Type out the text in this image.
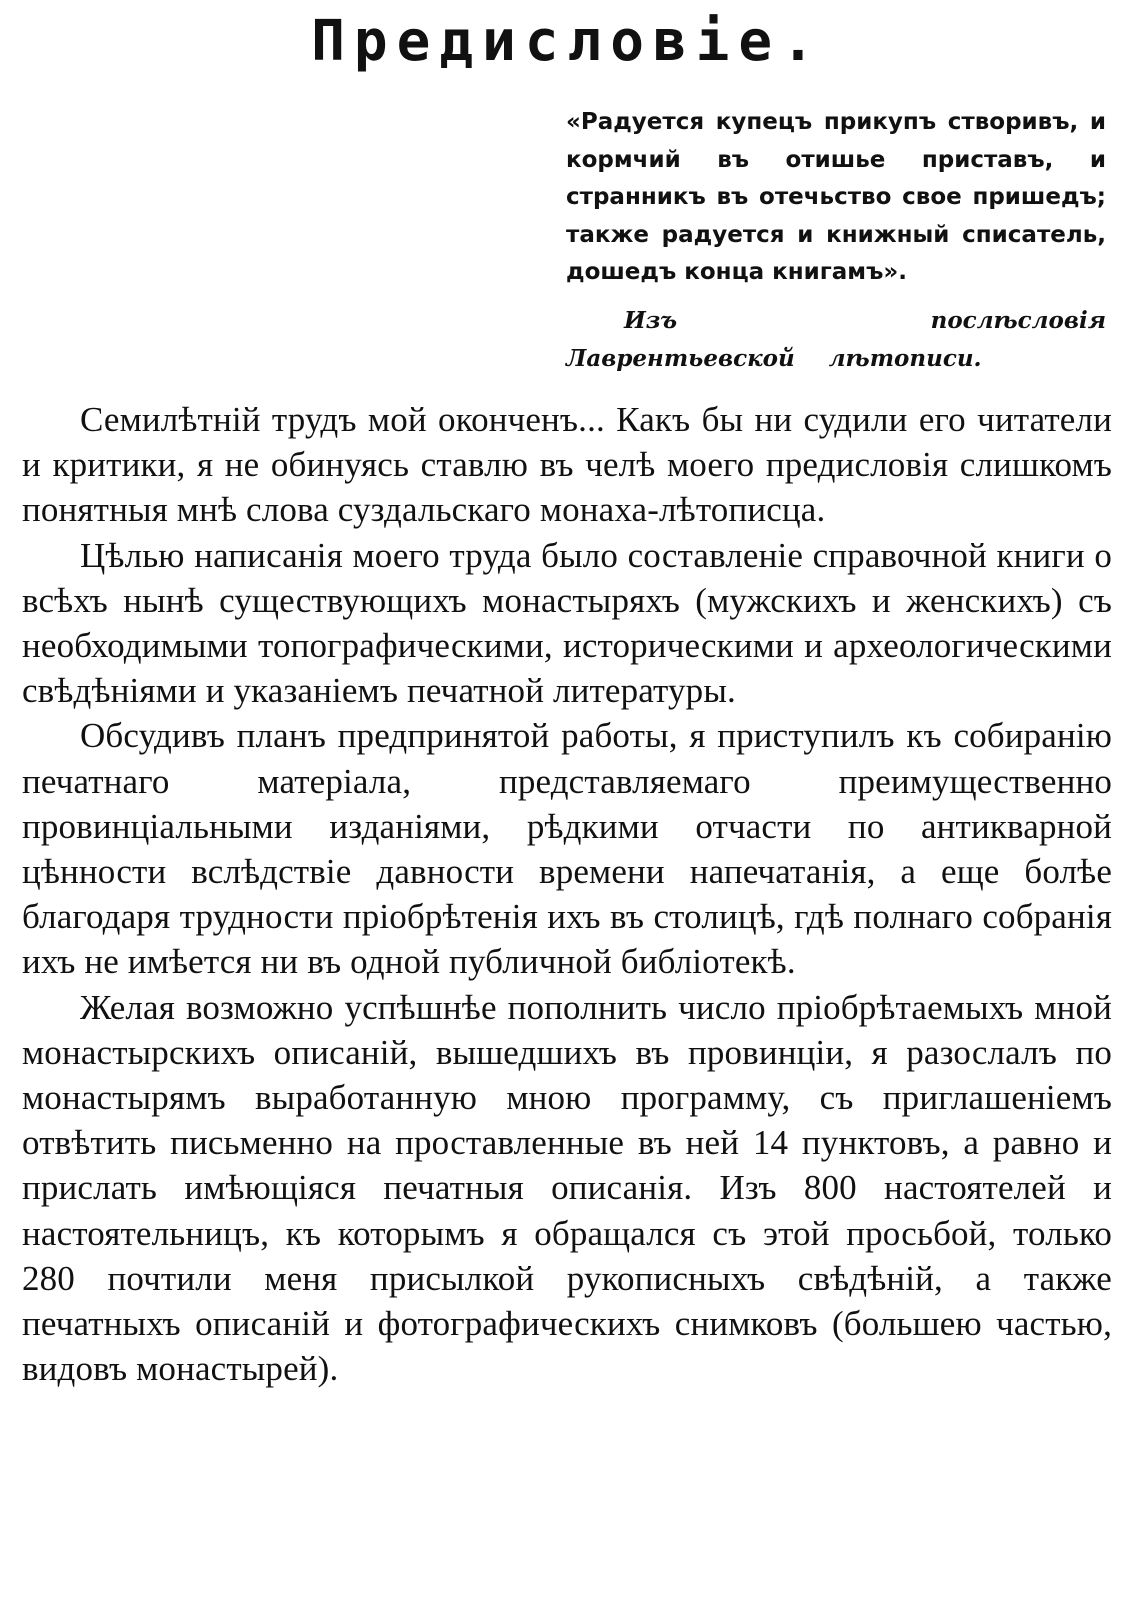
Предисловіе.

«Радуется купецъ прикупъ створивъ, и кормчий въ отишье приставъ, и странникъ въ отечьство свое пришедъ; также радуется и книжный списатель, дошедъ конца книгамъ».

Изъ послѣсловія Лаврентьевской лѣтописи.

Семилѣтній трудъ мой оконченъ... Какъ бы ни судили его читатели и критики, я не обинуясь ставлю въ челѣ моего предисловія слишкомъ понятныя мнѣ слова суздальскаго монаха-лѣтописца.

Цѣлью написанія моего труда было составленіе справочной книги о всѣхъ нынѣ существующихъ монастыряхъ (мужскихъ и женскихъ) съ необходимыми топографическими, историческими и археологическими свѣдѣніями и указаніемъ печатной литературы.

Обсудивъ планъ предпринятой работы, я приступилъ къ собиранію печатнаго матеріала, представляемаго преимущественно провинціальными изданіями, рѣдкими отчасти по антикварной цѣнности вслѣдствіе давности времени напечатанія, а еще болѣе благодаря трудности пріобрѣтенія ихъ въ столицѣ, гдѣ полнаго собранія ихъ не имѣется ни въ одной публичной библіотекѣ.

Желая возможно успѣшнѣе пополнить число пріобрѣтаемыхъ мной монастырскихъ описаній, вышедшихъ въ провинціи, я разослалъ по монастырямъ выработанную мною программу, съ приглашеніемъ отвѣтить письменно на проставленные въ ней 14 пунктовъ, а равно и прислать имѣющіяся печатныя описанія. Изъ 800 настоятелей и настоятельницъ, къ которымъ я обращался съ этой просьбой, только 280 почтили меня присылкой рукописныхъ свѣдѣній, а также печатныхъ описаній и фотографическихъ снимковъ (большею частью, видовъ монастырей).
